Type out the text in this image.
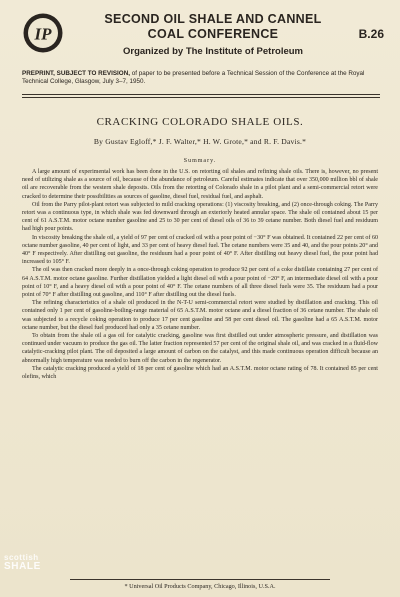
IP
SECOND OIL SHALE AND CANNEL
COAL CONFERENCE	B.26
Organized by The Institute of Petroleum
PREPRINT, SUBJECT TO REVISION, of paper to be presented before a Technical Session of the Conference at the Royal Technical College, Glasgow, July 3–7, 1950.
CRACKING COLORADO SHALE OILS.
By Gustav Egloff,* J. F. Walter,* H. W. Grote,* and R. F. Davis.*
Summary.

A large amount of experimental work has been done in the U.S. on retorting oil shales and refining shale oils. There is, however, no present need of utilizing shale as a source of oil, because of the abundance of petroleum. Careful estimates indicate that over 350,000 million bbl of shale oil are recoverable from the western shale deposits. Oils from the retorting of Colorado shale in a pilot plant and a semi-commercial retort were cracked to determine their possibilities as sources of gasoline, diesel fuel, residual fuel, and asphalt.

Oil from the Parry pilot-plant retort was subjected to mild cracking operations: (1) viscosity breaking, and (2) once-through coking. The Parry retort was a continuous type, in which shale was fed downward through an exteriorly heated annular space. The shale oil contained about 15 per cent of 61 A.S.T.M. motor octane number gasoline and 25 to 30 per cent of diesel oils of 36 to 39 cetane number. Both diesel fuel and residuum had high pour points.

In viscosity breaking the shale oil, a yield of 97 per cent of cracked oil with a pour point of −30° F was obtained. It contained 22 per cent of 60 octane number gasoline, 40 per cent of light, and 33 per cent of heavy diesel fuel. The cetane numbers were 35 and 40, and the pour points 20° and 40° F respectively. After distilling out gasoline, the residuum had a pour point of 40° F. After distilling out heavy diesel fuel, the pour point had increased to 105° F.

The oil was then cracked more deeply in a once-through coking operation to produce 92 per cent of a coke distillate containing 27 per cent of 64 A.S.T.M. motor octane gasoline. Further distillation yielded a light diesel oil with a pour point of −20° F, an intermediate diesel oil with a pour point of 10° F, and a heavy diesel oil with a pour point of 40° F. The cetane numbers of all three diesel fuels were 35. The residuum had a pour point of 70° F after distilling out gasoline, and 110° F after distilling out the diesel fuels.

The refining characteristics of a shale oil produced in the N-T-U semi-commercial retort were studied by distillation and cracking. This oil contained only 1 per cent of gasoline-boiling-range material of 65 A.S.T.M. motor octane and a diesel fraction of 36 cetane number. The shale oil was subjected to a recycle coking operation to produce 17 per cent gasoline and 58 per cent diesel oil. The gasoline had a 65 A.S.T.M. motor octane number, but the diesel fuel produced had only a 35 cetane number.

To obtain from the shale oil a gas oil for catalytic cracking, gasoline was first distilled out under atmospheric pressure, and distillation was continued under vacuum to produce the gas oil. The latter fraction represented 57 per cent of the original shale oil, and was cracked in a fluid-flow catalytic-cracking pilot plant. The oil deposited a large amount of carbon on the catalyst, and this made continuous operation difficult because an abnormally high temperature was needed to burn off the carbon in the regenerator.

The catalytic cracking produced a yield of 18 per cent of gasoline which had an A.S.T.M. motor octane rating of 78. It contained 85 per cent olefins, which

* Universal Oil Products Company, Chicago, Illinois, U.S.A.
scottish
SHALE
